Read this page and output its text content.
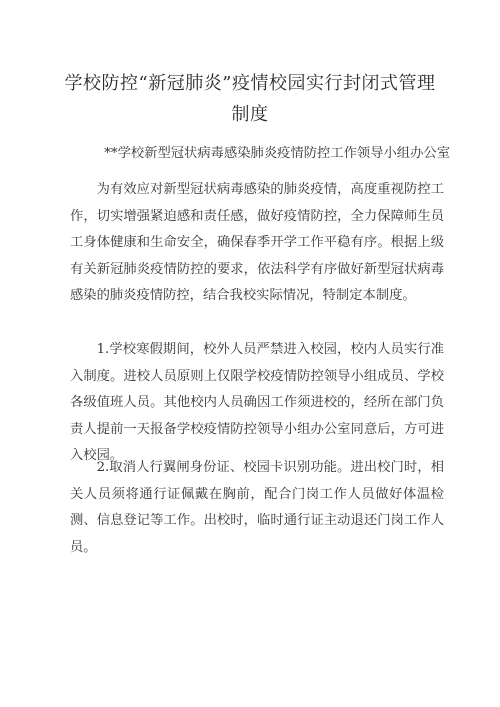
学校防控“新冠肺炎”疫情校园实行封闭式管理制度
**学校新型冠状病毒感染肺炎疫情防控工作领导小组办公室
为有效应对新型冠状病毒感染的肺炎疫情，高度重视防控工作，切实增强紧迫感和责任感，做好疫情防控，全力保障师生员工身体健康和生命安全，确保春季开学工作平稳有序。根据上级有关新冠肺炎疫情防控的要求，依法科学有序做好新型冠状病毒感染的肺炎疫情防控，结合我校实际情况，特制定本制度。
1.学校寒假期间，校外人员严禁进入校园，校内人员实行准入制度。进校人员原则上仅限学校疫情防控领导小组成员、学校各级值班人员。其他校内人员确因工作须进校的，经所在部门负责人提前一天报备学校疫情防控领导小组办公室同意后，方可进入校园。
2.取消人行翼闸身份证、校园卡识别功能。进出校门时，相关人员须将通行证佩戴在胸前，配合门岗工作人员做好体温检测、信息登记等工作。出校时，临时通行证主动退还门岗工作人员。
